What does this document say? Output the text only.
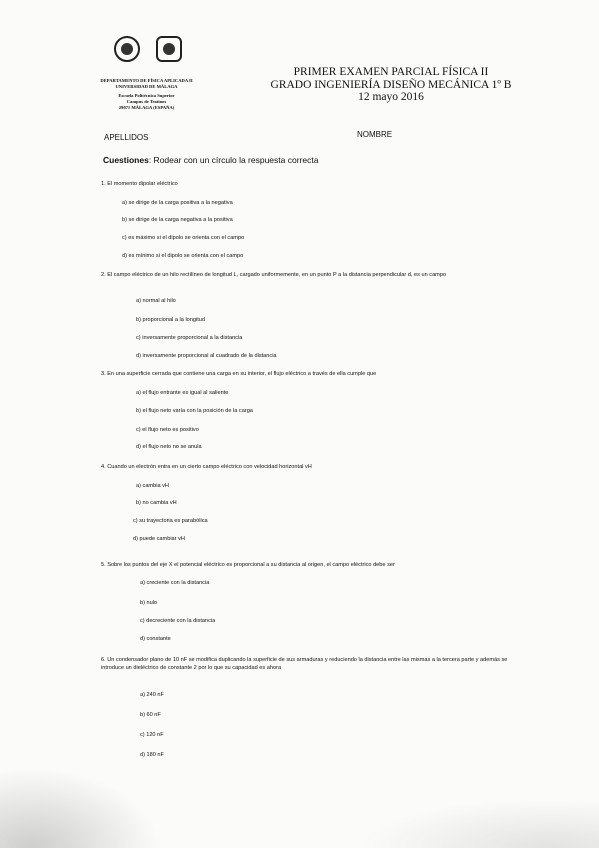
DEPARTAMENTO DE FÍSICA APLICADA II
UNIVERSIDAD DE MÁLAGA
Escuela Politécnica Superior
Campus de Teatinos
29071 MÁLAGA (ESPAÑA)
PRIMER EXAMEN PARCIAL FÍSICA II
GRADO INGENIERÍA DISEÑO MECÁNICA 1º B
12 mayo 2016
APELLIDOS	NOMBRE
Cuestiones: Rodear con un círculo la respuesta correcta
1. El momento dipolar eléctrico
a) se dirige de la carga positiva a la negativa
b) se dirige de la carga negativa a la positiva
c) es máximo si el dipolo se orienta con el campo
d) es mínimo si el dipolo se orienta con el campo
2. El campo eléctrico de un hilo rectilíneo de longitud L, cargado uniformemente, en un punto P a la distancia perpendicular d, es un campo
a) normal al hilo
b) proporcional a la longitud
c) inversamente proporcional a la distancia
d) inversamente proporcional al cuadrado de la distancia
3. En una superficie cerrada que contiene una carga en su interior, el flujo eléctrico a través de ella cumple que
a) el flujo entrante es igual al saliente
b) el flujo neto varía con la posición de la carga
c) el flujo neto es positivo
d) el flujo neto no se anula
4. Cuando un electrón entra en un cierto campo eléctrico con velocidad horizontal vH
a) cambia vH
b) no cambia vH
c) su trayectoria es parabólica
d) puede cambiar vH
5. Sobre los puntos del eje X el potencial eléctrico es proporcional a su distancia al origen, el campo eléctrico debe ser
a) creciente con la distancia
b) nulo
c) decreciente con la distancia
d) constante
6. Un condensador plano de 10 nF se modifica duplicando la superficie de sus armaduras y reduciendo la distancia entre las mismas a la tercera parte y además se introduce un dieléctrico de constante 2 por lo que su capacidad es ahora
a) 240 nF
b) 60 nF
c) 120 nF
d) 180 nF
